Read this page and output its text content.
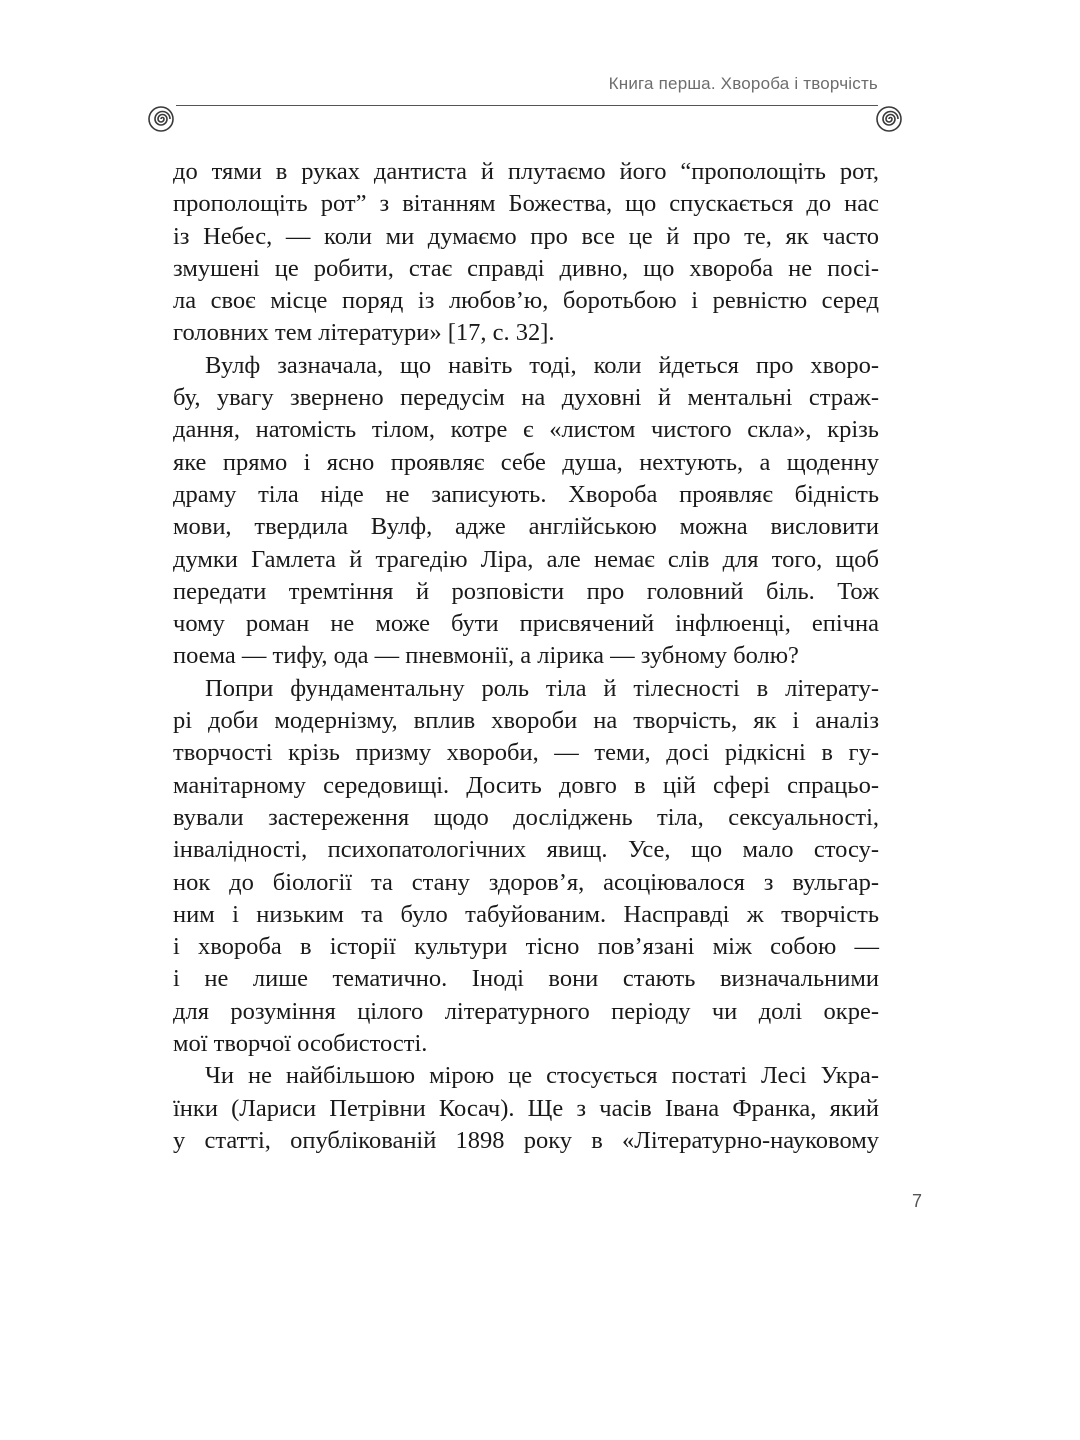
Книга перша. Хвороба і творчість
до тями в руках дантиста й плутаємо його “прополощіть рот,
прополощіть рот” з вітанням Божества, що спускається до нас
із Небес, — коли ми думаємо про все це й про те, як часто
змушені це робити, стає справді дивно, що хвороба не посі-
ла своє місце поряд із любов’ю, боротьбою і ревністю серед
головних тем літератури» [17, с. 32].
Вулф зазначала, що навіть тоді, коли йдеться про хворо-
бу, увагу звернено передусім на духовні й ментальні страж-
дання, натомість тілом, котре є «листом чистого скла», крізь
яке прямо і ясно проявляє себе душа, нехтують, а щоденну
драму тіла ніде не записують. Хвороба проявляє бідність
мови, твердила Вулф, адже англійською можна висловити
думки Гамлета й трагедію Ліра, але немає слів для того, щоб
передати тремтіння й розповісти про головний біль. Тож
чому роман не може бути присвячений інфлюенці, епічна
поема — тифу, ода — пневмонії, а лірика — зубному болю?
Попри фундаментальну роль тіла й тілесності в літерату-
рі доби модернізму, вплив хвороби на творчість, як і аналіз
творчості крізь призму хвороби, — теми, досі рідкісні в гу-
манітарному середовищі. Досить довго в цій сфері спрацьо-
вували застереження щодо досліджень тіла, сексуальності,
інвалідності, психопатологічних явищ. Усе, що мало стосу-
нок до біології та стану здоров’я, асоціювалося з вульгар-
ним і низьким та було табуйованим. Насправді ж творчість
і хвороба в історії культури тісно пов’язані між собою —
і не лише тематично. Іноді вони стають визначальними
для розуміння цілого літературного періоду чи долі окре-
мої творчої особистості.
Чи не найбільшою мірою це стосується постаті Лесі Укра-
їнки (Лариси Петрівни Косач). Ще з часів Івана Франка, який
у статті, опублікованій 1898 року в «Літературно-науковому
7
